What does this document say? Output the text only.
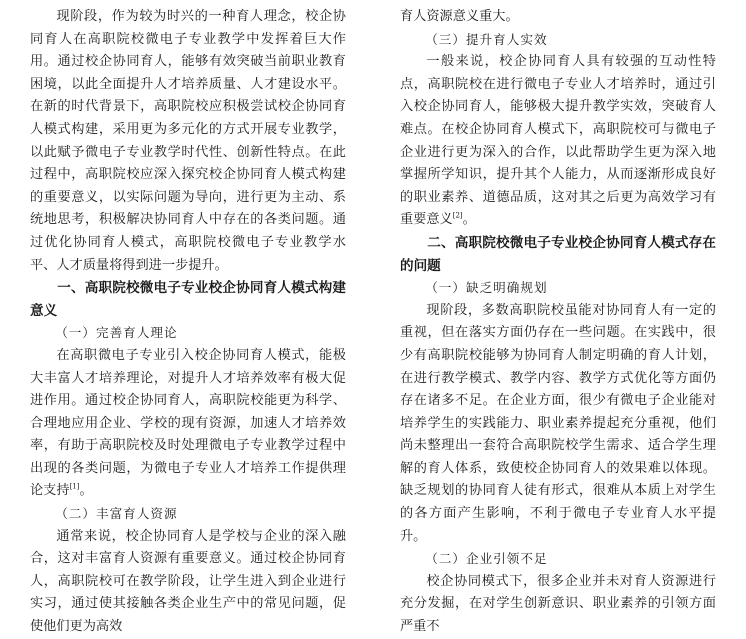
现阶段，作为较为时兴的一种育人理念，校企协同育人在高职院校微电子专业教学中发挥着巨大作用。通过校企协同育人，能够有效突破当前职业教育困境，以此全面提升人才培养质量、人才建设水平。在新的时代背景下，高职院校应积极尝试校企协同育人模式构建，采用更为多元化的方式开展专业教学，以此赋予微电子专业教学时代性、创新性特点。在此过程中，高职院校应深入探究校企协同育人模式构建的重要意义，以实际问题为导向，进行更为主动、系统地思考，积极解决协同育人中存在的各类问题。通过优化协同育人模式，高职院校微电子专业教学水平、人才质量将得到进一步提升。

一、高职院校微电子专业校企协同育人模式构建意义
（一）完善育人理论

在高职微电子专业引入校企协同育人模式，能极大丰富人才培养理论，对提升人才培养效率有极大促进作用。通过校企协同育人，高职院校能更为科学、合理地应用企业、学校的现有资源，加速人才培养效率，有助于高职院校及时处理微电子专业教学过程中出现的各类问题，为微电子专业人才培养工作提供理论支持[1]。

（二）丰富育人资源

通常来说，校企协同育人是学校与企业的深入融合，这对丰富育人资源有重要意义。通过校企协同育人，高职院校可在教学阶段，让学生进入到企业进行实习，通过使其接触各类企业生产中的常见问题，促使他们更为高效

育人资源意义重大。

（三）提升育人实效

一般来说，校企协同育人具有较强的互动性特点，高职院校在进行微电子专业人才培养时，通过引入校企协同育人，能够极大提升教学实效，突破育人难点。在校企协同育人模式下，高职院校可与微电子企业进行更为深入的合作，以此帮助学生更为深入地掌握所学知识，提升其个人能力，从而逐渐形成良好的职业素养、道德品质，这对其之后更为高效学习有重要意义[2]。

二、高职院校微电子专业校企协同育人模式存在的问题
（一）缺乏明确规划

现阶段，多数高职院校虽能对协同育人有一定的重视，但在落实方面仍存在一些问题。在实践中，很少有高职院校能够为协同育人制定明确的育人计划，在进行教学模式、教学内容、教学方式优化等方面仍存在诸多不足。在企业方面，很少有微电子企业能对培养学生的实践能力、职业素养提起充分重视，他们尚未整理出一套符合高职院校学生需求、适合学生理解的育人体系，致使校企协同育人的效果难以体现。缺乏规划的协同育人徒有形式，很难从本质上对学生的各方面产生影响，不利于微电子专业育人水平提升。

（二）企业引领不足

校企协同模式下，很多企业并未对育人资源进行充分发掘，在对学生创新意识、职业素养的引领方面严重不
